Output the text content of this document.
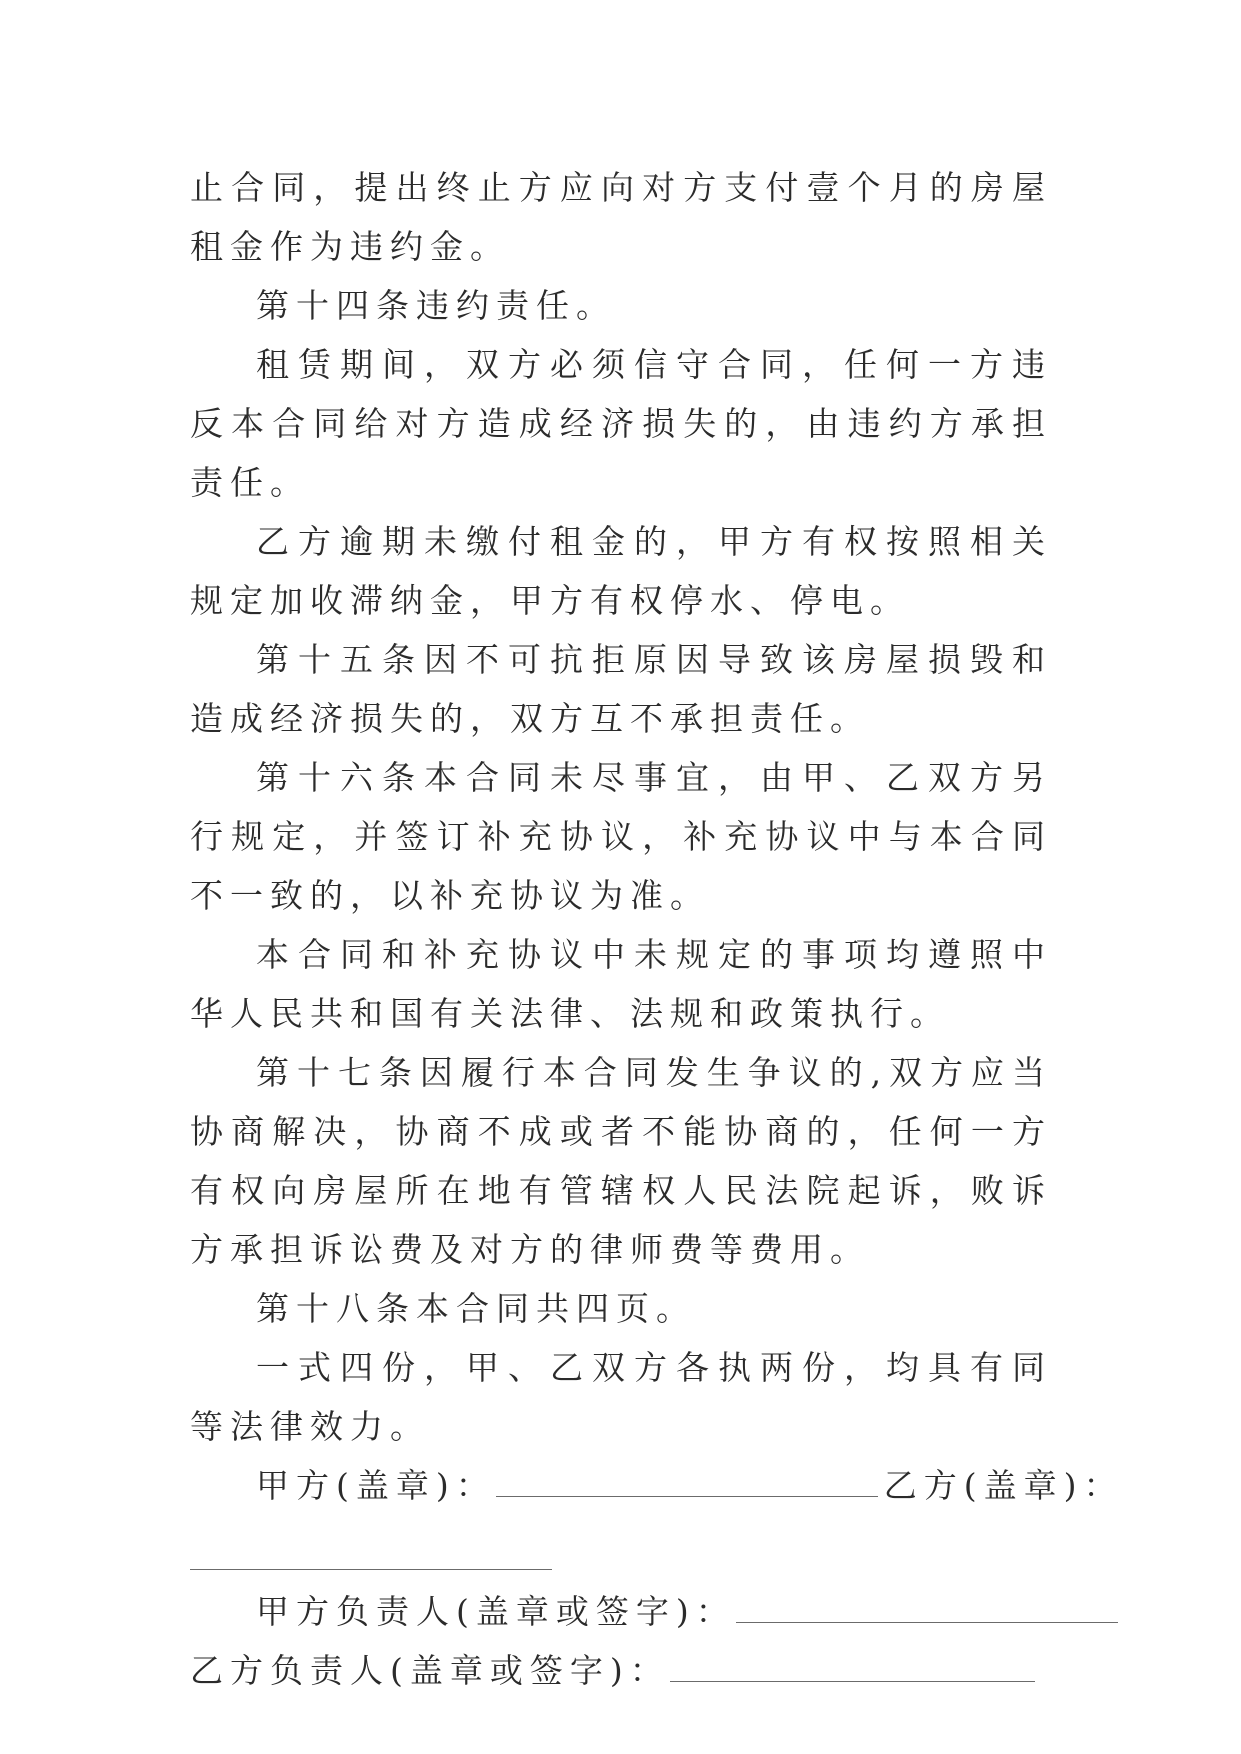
止合同，提出终止方应向对方支付壹个月的房屋租金作为违约金。

第十四条违约责任。

租赁期间，双方必须信守合同，任何一方违反本合同给对方造成经济损失的，由违约方承担责任。

乙方逾期未缴付租金的，甲方有权按照相关规定加收滞纳金，甲方有权停水、停电。

第十五条因不可抗拒原因导致该房屋损毁和造成经济损失的，双方互不承担责任。

第十六条本合同未尽事宜，由甲、乙双方另行规定，并签订补充协议，补充协议中与本合同不一致的，以补充协议为准。

本合同和补充协议中未规定的事项均遵照中华人民共和国有关法律、法规和政策执行。

第十七条因履行本合同发生争议的,双方应当协商解决，协商不成或者不能协商的，任何一方有权向房屋所在地有管辖权人民法院起诉，败诉方承担诉讼费及对方的律师费等费用。

第十八条本合同共四页。

一式四份，甲、乙双方各执两份，均具有同等法律效力。

甲方(盖章)：	乙方(盖章)：

甲方负责人(盖章或签字)：

乙方负责人(盖章或签字)：
